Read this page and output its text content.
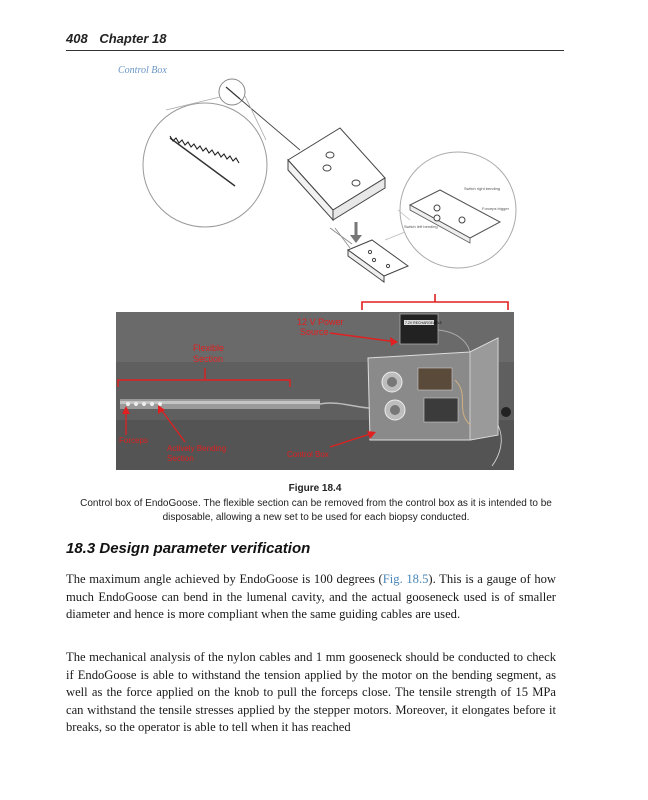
408 Chapter 18
Control Box
Switch right bending
Forceps trigger
Switch left bending
7.2V RECHARGEABLE
12 V Power
Source
Flexible
Section
Forceps
Actively Bending
Section	Control Box
Figure 18.4
Control box of EndoGoose. The flexible section can be removed from the control box as it is intended to be disposable, allowing a new set to be used for each biopsy conducted.
18.3 Design parameter verification

The maximum angle achieved by EndoGoose is 100 degrees (Fig. 18.5). This is a gauge of how much EndoGoose can bend in the lumenal cavity, and the actual gooseneck used is of smaller diameter and hence is more compliant when the same guiding cables are used.

The mechanical analysis of the nylon cables and 1 mm gooseneck should be conducted to check if EndoGoose is able to withstand the tension applied by the motor on the bending segment, as well as the force applied on the knob to pull the forceps close. The tensile strength of 15 MPa can withstand the tensile stresses applied by the stepper motors. Moreover, it elongates before it breaks, so the operator is able to tell when it has reached
